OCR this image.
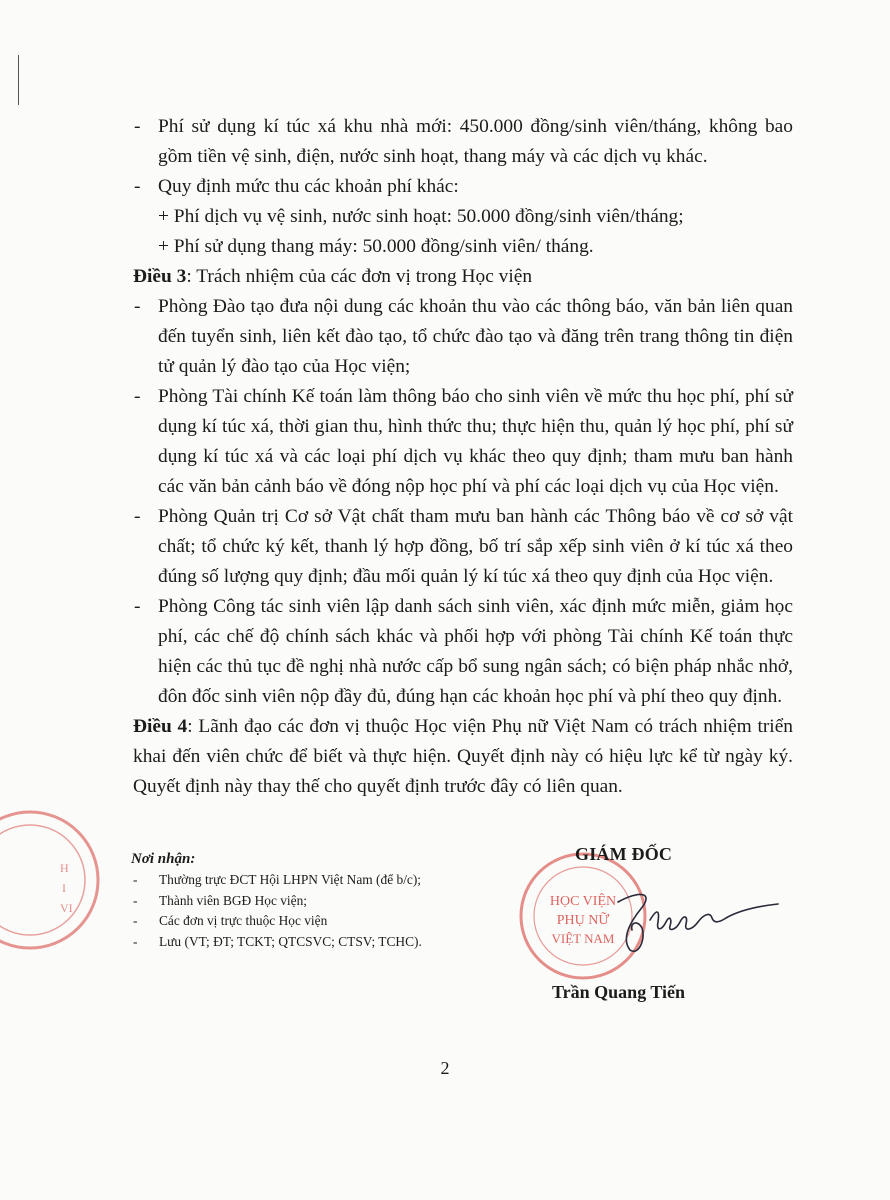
- Phí sử dụng kí túc xá khu nhà mới: 450.000 đồng/sinh viên/tháng, không bao gồm tiền vệ sinh, điện, nước sinh hoạt, thang máy và các dịch vụ khác.
- Quy định mức thu các khoản phí khác:
+ Phí dịch vụ vệ sinh, nước sinh hoạt: 50.000 đồng/sinh viên/tháng;
+ Phí sử dụng thang máy: 50.000 đồng/sinh viên/ tháng.

Điều 3: Trách nhiệm của các đơn vị trong Học viện

- Phòng Đào tạo đưa nội dung các khoản thu vào các thông báo, văn bản liên quan đến tuyển sinh, liên kết đào tạo, tổ chức đào tạo và đăng trên trang thông tin điện tử quản lý đào tạo của Học viện;
- Phòng Tài chính Kế toán làm thông báo cho sinh viên về mức thu học phí, phí sử dụng kí túc xá, thời gian thu, hình thức thu; thực hiện thu, quản lý học phí, phí sử dụng kí túc xá và các loại phí dịch vụ khác theo quy định; tham mưu ban hành các văn bản cảnh báo về đóng nộp học phí và phí các loại dịch vụ của Học viện.
- Phòng Quản trị Cơ sở Vật chất tham mưu ban hành các Thông báo về cơ sở vật chất; tổ chức ký kết, thanh lý hợp đồng, bố trí sắp xếp sinh viên ở kí túc xá theo đúng số lượng quy định; đầu mối quản lý kí túc xá theo quy định của Học viện.
- Phòng Công tác sinh viên lập danh sách sinh viên, xác định mức miễn, giảm học phí, các chế độ chính sách khác và phối hợp với phòng Tài chính Kế toán thực hiện các thủ tục đề nghị nhà nước cấp bổ sung ngân sách; có biện pháp nhắc nhở, đôn đốc sinh viên nộp đầy đủ, đúng hạn các khoản học phí và phí theo quy định.

Điều 4: Lãnh đạo các đơn vị thuộc Học viện Phụ nữ Việt Nam có trách nhiệm triển khai đến viên chức để biết và thực hiện. Quyết định này có hiệu lực kể từ ngày ký. Quyết định này thay thế cho quyết định trước đây có liên quan.

H
I
VI
Nơi nhận:
- Thường trực ĐCT Hội LHPN Việt Nam (để b/c);
- Thành viên BGĐ Học viện;
- Các đơn vị trực thuộc Học viện
- Lưu (VT; ĐT; TCKT; QTCSVC; CTSV; TCHC).
HỌC VIỆN
PHỤ NỮ
VIỆT NAM
GIÁM ĐỐC
Trần Quang Tiến
2
